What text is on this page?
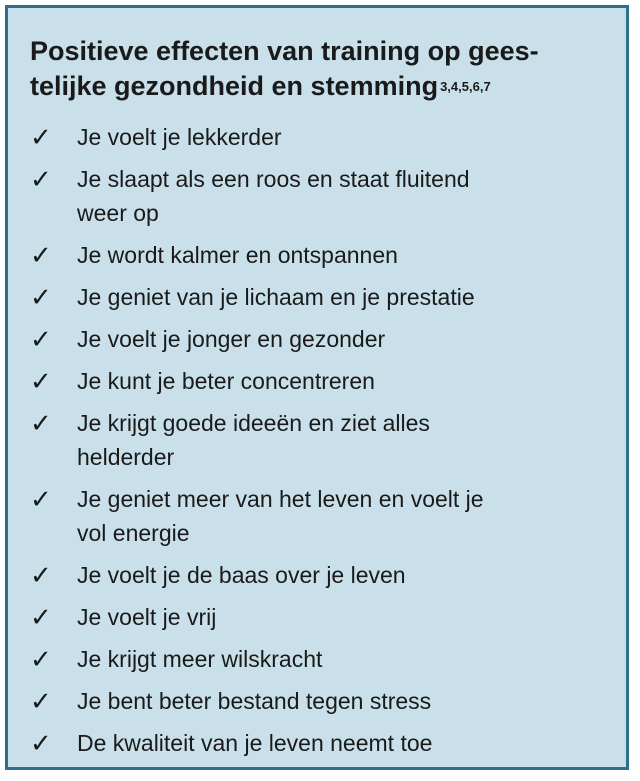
Positieve effecten van training op gees-
telijke gezondheid en stemming $^{3,4,5,6,7}$
✓	Je voelt je lekkerder
✓	Je slaapt als een roos en staat fluitend
weer op
✓	Je wordt kalmer en ontspannen
✓	Je geniet van je lichaam en je prestatie
✓	Je voelt je jonger en gezonder
✓	Je kunt je beter concentreren
✓	Je krijgt goede ideeën en ziet alles
helderder
✓	Je geniet meer van het leven en voelt je
vol energie
✓	Je voelt je de baas over je leven
✓	Je voelt je vrij
✓	Je krijgt meer wilskracht
✓	Je bent beter bestand tegen stress
✓	De kwaliteit van je leven neemt toe
